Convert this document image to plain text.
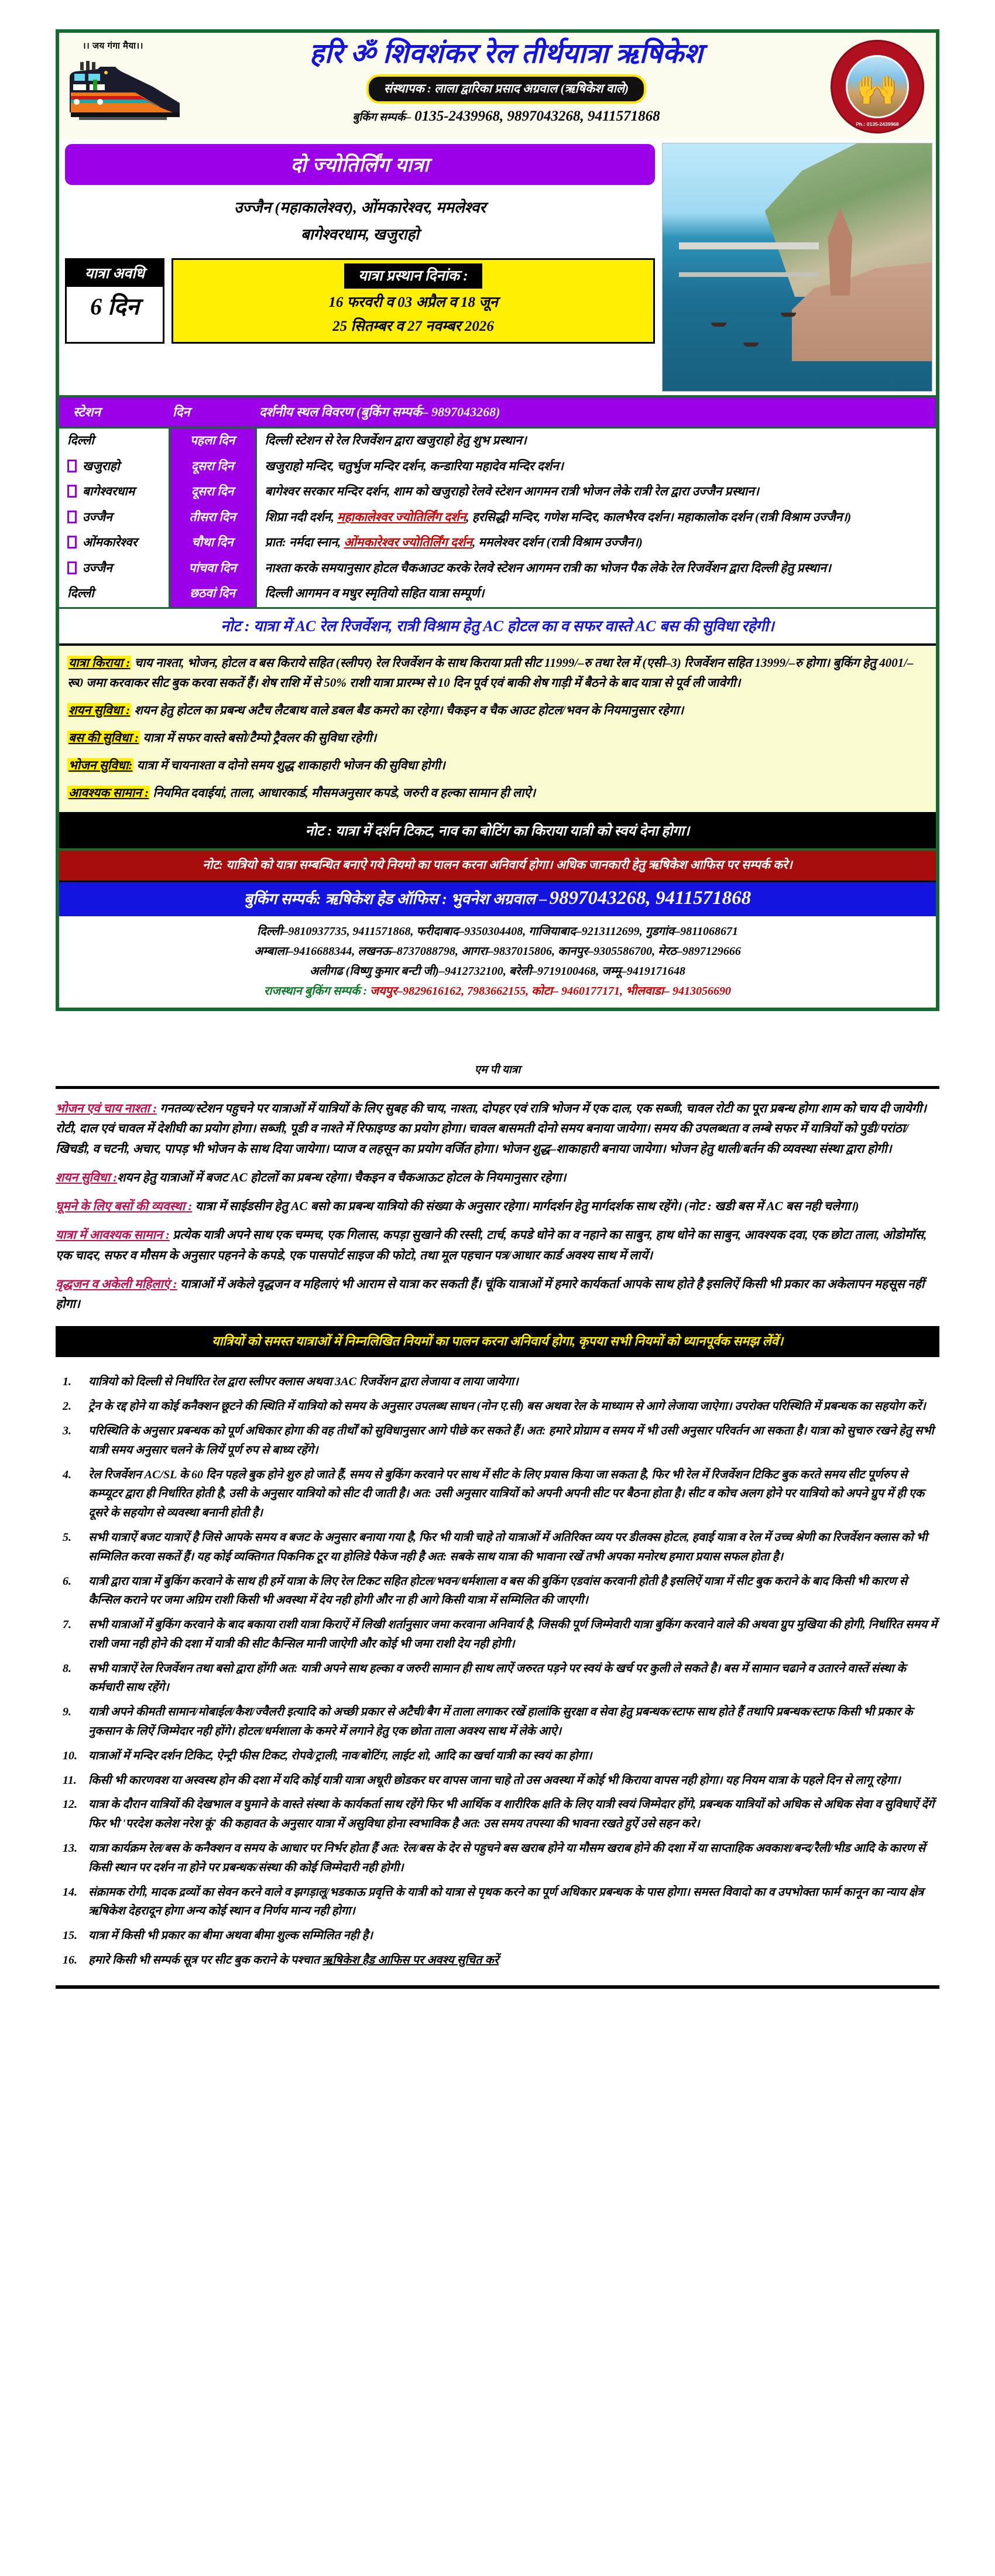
।। जय गंगा मैया।।	हरि ॐ शिवशंकर रेल तीर्थयात्रा ऋषिकेश
संस्थापक : लाला द्वारिका प्रसाद अग्रवाल (ऋषिकेश वाले)
बुकिंग सम्पर्क– 0135-2439968, 9897043268, 9411571868
🙌
Ph.: 0135-2439968
दो ज्योतिर्लिंग यात्रा
उज्जैन (महाकालेश्वर), ओंमकारेश्वर, ममलेश्वर
बागेश्वरधाम, खजुराहो
यात्रा अवधि
6 दिन
यात्रा प्रस्थान दिनांक :
16 फरवरी व 03 अप्रैल व 18 जून
25 सितम्बर व 27 नवम्बर 2026
स्टेशन	दिन	दर्शनीय स्थल विवरण (बुकिंग सम्पर्क– 9897043268)
दिल्ली	पहला दिन	दिल्ली स्टेशन से रेल रिजर्वेशन द्वारा खजुराहो हेतु शुभ प्रस्थान।
खजुराहो	दूसरा दिन	खजुराहो मन्दिर, चतुर्भुज मन्दिर दर्शन, कन्डारिया महादेव मन्दिर दर्शन।
बागेश्वरधाम	दूसरा दिन	बागेश्वर सरकार मन्दिर दर्शन, शाम को खजुराहो रेलवे स्टेशन आगमन रात्री भोजन लेके रात्री रेल द्वारा उज्जैन प्रस्थान।
उज्जैन	तीसरा दिन	शिप्रा नदी दर्शन, महाकालेश्वर ज्योतिर्लिंग दर्शन, हरसिद्धी मन्दिर, गणेश मन्दिर, कालभैरव दर्शन। महाकालोक दर्शन (रात्री विश्राम उज्जैन।)
ओंमकारेश्वर	चौथा दिन	प्रात: नर्मदा स्नान, ओंमकारेश्वर ज्योतिर्लिंग दर्शन, ममलेश्वर दर्शन (रात्री विश्राम उज्जैन।)
उज्जैन	पांचवा दिन	नाश्ता करके समयानुसार होटल चैकआउट करके रेलवे स्टेशन आगमन रात्री का भोजन पैक लेके रेल रिजर्वेशन द्वारा दिल्ली हेतु प्रस्थान।
दिल्ली	छठवां दिन	दिल्ली आगमन व मधुर स्मृतियो सहित यात्रा सम्पूर्ण।
नोट : यात्रा में AC रेल रिजर्वेशन, रात्री विश्राम हेतु AC होटल का व सफर वास्ते AC बस की सुविधा रहेगी।

यात्रा किराया : चाय नाश्ता, भोजन, होटल व बस किराये सहित (स्लीपर) रेल रिजर्वेशन के साथ किराया प्रती सीट 11999/–रु तथा रेल में (एसी–3) रिजर्वेशन सहित 13999/–रु होगा। बुकिंग हेतु 4001/–रू0 जमा करवाकर सीट बुक करवा सकतें हैं। शेष राशि में से 50% राशी यात्रा प्रारम्भ से 10 दिन पूर्व एवं बाकी शेष गाड़ी में बैठने के बाद यात्रा से पूर्व ली जावेगी।

शयन सुविधा : शयन हेतु होटल का प्रबन्ध अटैच लैटबाथ वाले डबल बैड कमरो का रहेगा। चैकइन व चैक आउट होटल/भवन के नियमानुसार रहेगा।

बस की सुविधा : यात्रा में सफर वास्ते बसो/टैम्पो ट्रैवलर की सुविधा रहेगी।

भोजन सुविधा: यात्रा में चायनाश्ता व दोनो समय शुद्ध शाकाहारी भोजन की सुविधा होगी।

आवश्यक सामान : नियमित दवाईयां, ताला, आधारकार्ड, मौसमअनुसार कपडे, जरुरी व हल्का सामान ही लाऐ।

नोट : यात्रा में दर्शन टिकट, नाव का बोटिंग का किराया यात्री को स्वयं देना होगा।
नोट: यात्रियो को यात्रा सम्बन्धित बनाऐ गये नियमो का पालन करना अनिवार्य होगा। अधिक जानकारी हेतु ऋषिकेश आफिस पर सम्पर्क करे।
बुकिंग सम्पर्क: ऋषिकेश हेड ऑफिस : भुवनेश अग्रवाल – 9897043268, 9411571868
दिल्ली–9810937735, 9411571868, फरीदाबाद–9350304408, गाजियाबाद–9213112699, गुडगांव–9811068671
अम्बाला–9416688344, लखनऊ–8737088798, आगरा–9837015806, कानपुर–9305586700, मेरठ–9897129666
अलीगढ (विष्णु कुमार बन्टी जी)–9412732100, बरेली–9719100468, जम्मू–9419171648
राजस्थान बुकिंग सम्पर्क : जयपुर–9829616162, 7983662155, कोटा– 9460177171, भीलवाडा– 9413056690
एम पी यात्रा

भोजन एवं चाय नाश्ता : गनतव्य/स्टेशन पहुचने पर यात्राओं में यात्रियों के लिए सुबह की चाय, नाश्ता, दोपहर एवं रात्रि भोजन में एक दाल, एक सब्जी, चावल रोटी का पूरा प्रबन्ध होगा शाम को चाय दी जायेगी। रोटी, दाल एवं चावल में देशीघी का प्रयोग होगा। सब्जी, पूडी व नाश्ते में रिफाइण्ड का प्रयोग होगा। चावल बासमती दोनो समय बनाया जायेगा। समय की उपलब्धता व लम्बे सफर में यात्रियों को पुडी/परांठा/खिचडी, व चटनी, अचार, पापड़ भी भोजन के साथ दिया जायेगा। प्याज व लहसून का प्रयोग वर्जित होगा। भोजन शुद्ध–शाकाहारी बनाया जायेगा। भोजन हेतु थाली/बर्तन की व्यवस्था संस्था द्वारा होगी।

शयन सुविधा :शयन हेतु यात्राओं में बजट AC होटलों का प्रबन्ध रहेगा। चैकइन व चैकआऊट होटल के नियमानुसार रहेगा।

घूमने के लिए बसों की व्यवस्था : यात्रा में साईडसीन हेतु AC बसो का प्रबन्ध यात्रियो की संख्या के अनुसार रहेगा। मार्गदर्शन हेतु मार्गदर्शक साथ रहेंगे। (नोट : खडी बस में AC बस नही चलेगा।)

यात्रा में आवश्यक सामान : प्रत्येक यात्री अपने साथ एक चम्मच, एक गिलास, कपड़ा सुखाने की रस्सी, टार्च, कपडे धोने का व नहाने का साबुन, हाथ धोने का साबुन, आवश्यक दवा, एक छोटा ताला, ओडोमॉस, एक चादर, सफर व मौसम के अनुसार पहनने के कपडे, एक पासपोर्ट साइज की फोटो, तथा मूल पहचान पत्र/आधार कार्ड अवश्य साथ में लायें।

वृद्धजन व अकेली महिलाएं : यात्राओं में अकेले वृद्धजन व महिलाएं भी आराम से यात्रा कर सकती हैं। चूंकि यात्राओं में हमारे कार्यकर्ता आपके साथ होते है इसलिऐं किसी भी प्रकार का अकेलापन महसूस नहीं होगा।

यात्रियों को समस्त यात्राओं में निम्नलिखित नियमों का पालन करना अनिवार्य होगा, कृपया सभी नियमों को ध्यानपूर्वक समझ लेंवें।
यात्रियो को दिल्ली से निर्धारित रेल द्वारा स्लीपर क्लास अथवा 3AC रिजर्वेशन द्वारा लेजाया व लाया जायेगा।
ट्रेन के रद्द होने या कोई कनैक्शन छूटने की स्थिति में यात्रियो को समय के अनुसार उपलब्ध साधन (नोन ए.सी) बस अथवा रेल के माध्याम से आगे लेजाया जाऐगा। उपरोक्त परिस्थिति में प्रबन्धक का सहयोग करें।
परिस्थिति के अनुसार प्रबन्धक को पूर्ण अधिकार होगा की वह तीर्थों को सुविधानुसार आगे पीछे कर सकते हैं। अत: हमारे प्रोग्राम व समय में भी उसी अनुसार परिवर्तन आ सकता है। यात्रा को सुचारु रखने हेतु सभी यात्री समय अनुसार चलने के लियें पूर्ण रुप से बाध्य रहेंगे।
रेल रिजर्वेशन AC/SL के 60 दिन पहले बुक होने शुरु हो जाते हैं, समय से बुकिंग करवाने पर साथ में सीट के लिए प्रयास किया जा सकता है, फिर भी रेल में रिजर्वेशन टिकिट बुक करते समय सीट पूर्णरुप से कम्प्यूटर द्वारा ही निर्धारित होती है, उसी के अनुसार यात्रियो को सीट दी जाती है। अत: उसी अनुसार यात्रियों को अपनी अपनी सीट पर बैठना होता है। सीट व कोच अलग होने पर यात्रियो को अपने ग्रुप में ही एक दूसरे के सहयोग से व्यवस्था बनानी होती है।
सभी यात्राऐं बजट यात्राऐं है जिसे आपके समय व बजट के अनुसार बनाया गया है, फिर भी यात्री चाहे तो यात्राओं में अतिरिक्त व्यय पर डीलक्स होटल, हवाई यात्रा व रेल में उच्च श्रेणी का रिजर्वेशन क्लास को भी सम्मिलित करवा सकतें हैं। यह कोई व्यक्तिगत पिकनिक टूर या होलिडे पैकेज नही है अत: सबके साथ यात्रा की भावाना रखें तभी अपका मनोरथ हमारा प्रयास सफल होता है।
यात्री द्वारा यात्रा में बुकिंग करवाने के साथ ही हमें यात्रा के लिए रेल टिकट सहित होटल/भवन/धर्मशाला व बस की बुकिंग एडवांस करवानी होती है इसलिऐं यात्रा में सीट बुक कराने के बाद किसी भी कारण से कैन्सिल कराने पर जमा अग्रिम राशी किसी भी अवस्था में देय नही होगी और ना ही आगे किसी यात्रा में सम्मिलित की जाएगी।
सभी यात्राओं में बुकिंग करवाने के बाद बकाया राशी यात्रा किराऐं में लिखी शर्तानुसार जमा करवाना अनिवार्य है, जिसकी पूर्ण जिम्मेवारी यात्रा बुकिंग करवाने वाले की अथवा ग्रुप मुखिया की होगी, निर्धारित समय में राशी जमा नही होने की दशा में यात्री की सीट कैन्सिल मानी जाऐगी और कोई भी जमा राशी देय नही होगी।
सभी यात्राऐं रेल रिजर्वेशन तथा बसो द्वारा होंगी अत: यात्री अपने साथ हल्का व जरुरी सामान ही साथ लाऐं जरुरत पड़ने पर स्वयं के खर्च पर कुली ले सकते है। बस में सामान चढाने व उतारने वास्तें संस्था के कर्मचारी साथ रहेंगे।
यात्री अपने कीमती सामान/मोबाईल/कैश/ज्वैलरी इत्यादि को अच्छी प्रकार से अटैची/बैग में ताला लगाकर रखें हालांकि सुरक्षा व सेवा हेतु प्रबन्धक/स्टाफ साथ होते हैं तथापि प्रबन्धक/स्टाफ किसी भी प्रकार के नुकसान के लिऐं जिम्मेदार नही होंगे। होटल/धर्मशाला के कमरे में लगाने हेतु एक छोता ताला अवश्य साथ में लेके आऐ।
यात्राओं में मन्दिर दर्शन टिकिट, ऐन्ट्री फीस टिकट, रोपवे/ट्राली, नाव/बोटिंग, लाईट शो, आदि का खर्चा यात्री का स्वयं का होगा।
किसी भी कारणवश या अस्वस्थ होन की दशा में यदि कोई यात्री यात्रा अधूरी छोडकर घर वापस जाना चाहे तो उस अवस्था में कोई भी किराया वापस नही होगा। यह नियम यात्रा के पहले दिन से लागू रहेगा।
यात्रा के दौरान यात्रियों की देखभाल व घुमाने के वास्ते संस्था के कार्यकर्ता साथ रहेंगे फिर भी आर्थिक व शारीरिक क्षति के लिए यात्री स्वयं जिम्मेदार होंगे, प्रबन्धक यात्रियों को अधिक से अधिक सेवा व सुविधाऐं देंगें फिर भी 'परदेश कलेश नरेश कूं' की कहावत के अनुसार यात्रा में असुविधा होना स्वभाविक है अत: उस समय तपस्या की भावना रखते हुऐं उसे सहन करे।
यात्रा कार्यक्रम रेल/बस के कनैक्शन व समय के आधार पर निर्भर होता हैं अत: रेल/बस के देर से पहुचने बस खराब होने या मौसम खराब होने की दशा में या साप्ताहिक अवकाश/बन्द/रैली/भीड आदि के कारण सें किसी स्थान पर दर्शन ना होने पर प्रबन्धक/संस्था की कोई जिम्मेदारी नही होगी।
संक्रामक रोगी, मादक द्रव्यों का सेवन करने वाले व झगड़ालू/भडकाऊ प्रवृत्ति के यात्री को यात्रा से पृथक करने का पूर्ण अधिकार प्रबन्धक के पास होगा। समस्त विवादो का व उपभोक्ता फार्म कानून का न्याय क्षेत्र ऋषिकेश देहरादून होगा अन्य कोई स्थान व निर्णय मान्य नही होगा।
यात्रा में किसी भी प्रकार का बीमा अथवा बीमा शुल्क सम्मिलित नही है।
हमारे किसी भी सम्पर्क सूत्र पर सीट बुक कराने के पश्चात ऋषिकेश हैड आफिस पर अवश्य सुचित करें
